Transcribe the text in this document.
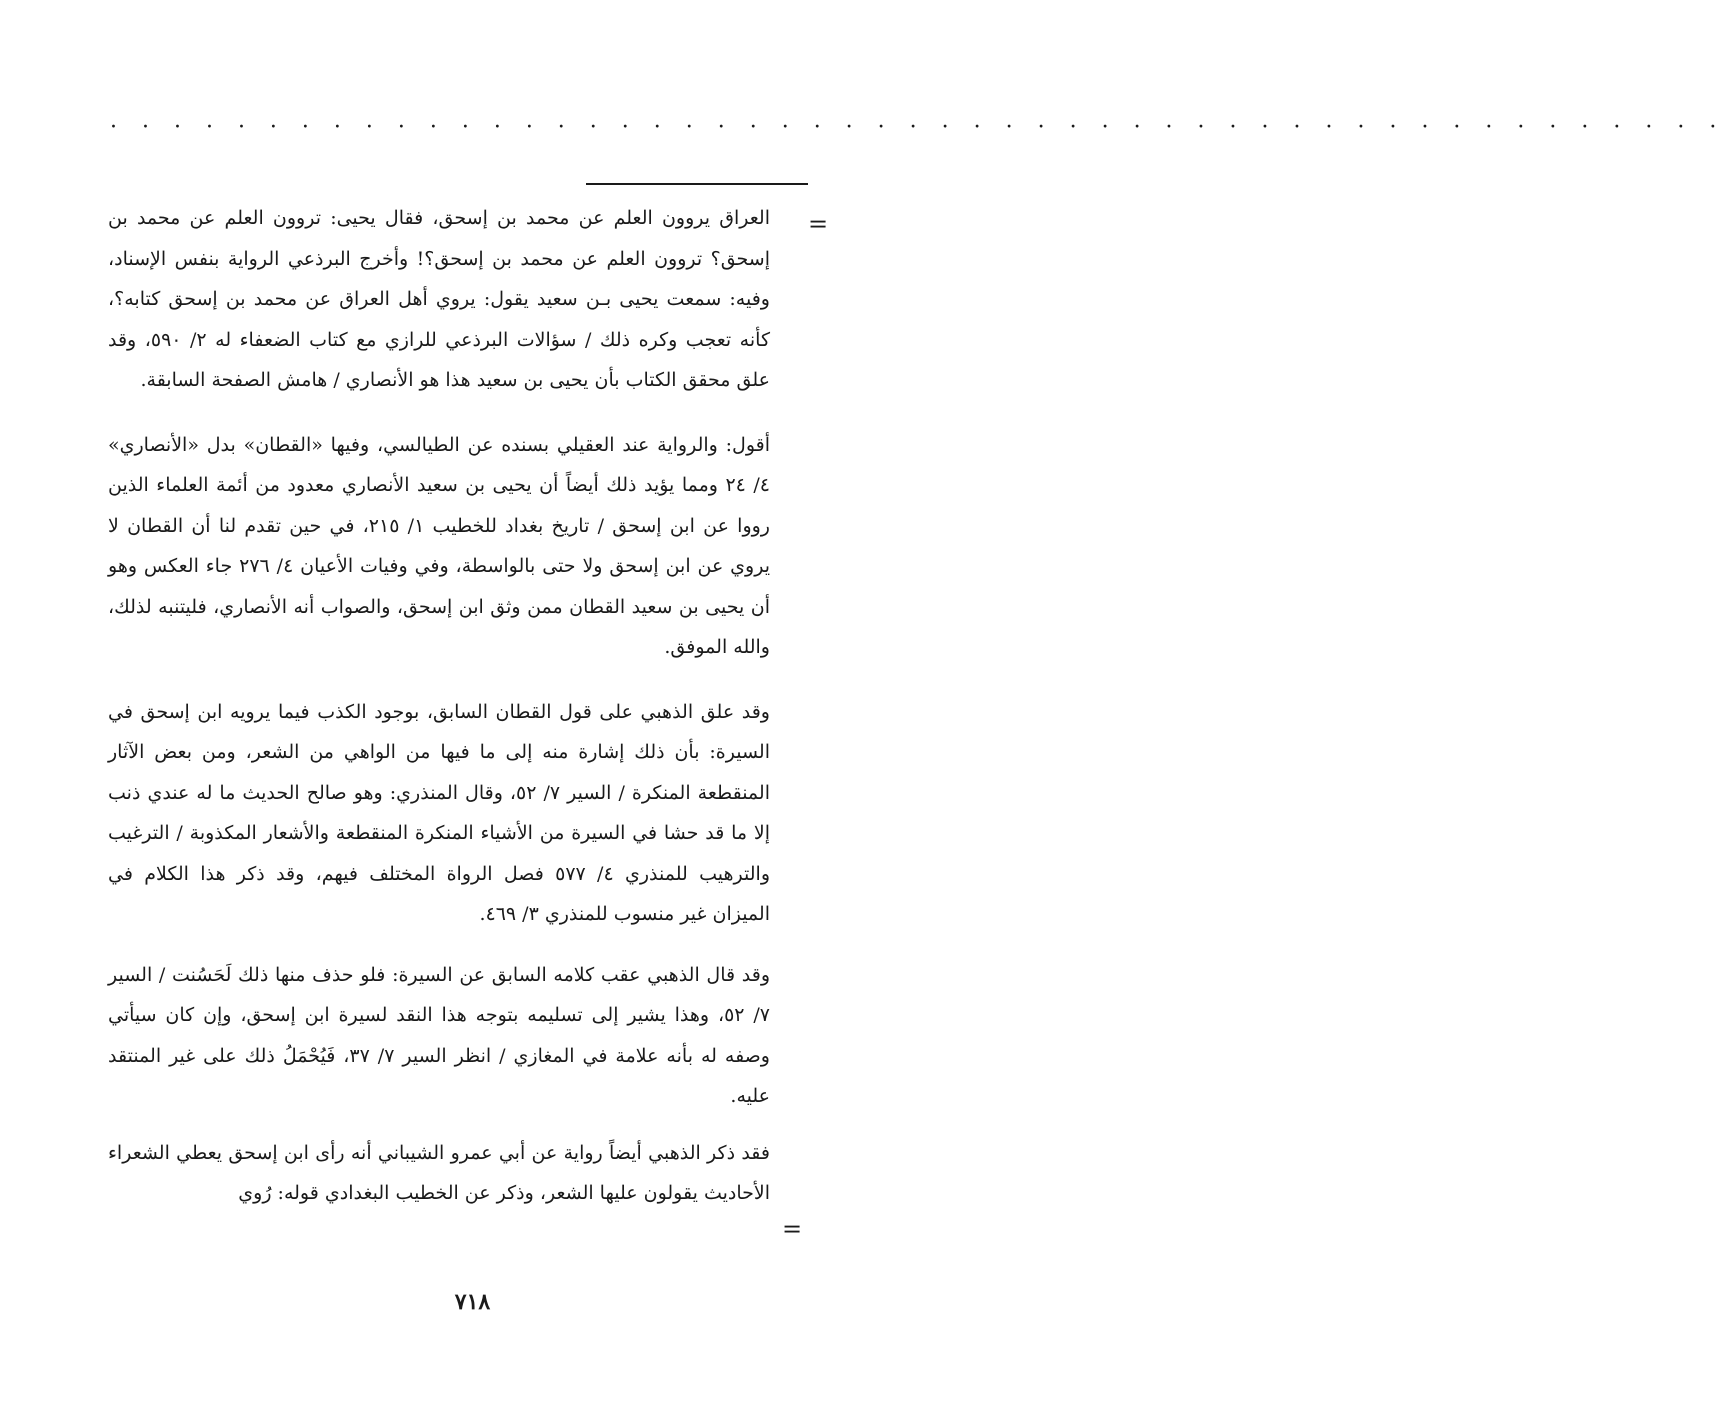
· · · · · · · · · · · · · · · · · · · · · · · · · · · · · · · · · · · · · · · · · · · · · · · · · · ·
=

العراق يروون العلم عن محمد بن إسحق، فقال يحيى: تروون العلم عن محمد بن إسحق؟ تروون العلم عن محمد بن إسحق؟! وأخرج البرذعي الرواية بنفس الإسناد، وفيه: سمعت يحيى بـن سعيد يقول: يروي أهل العراق عن محمد بن إسحق كتابه؟، كأنه تعجب وكره ذلك / سؤالات البرذعي للرازي مع كتاب الضعفاء له ٢/ ٥٩٠، وقد علق محقق الكتاب بأن يحيى بن سعيد هذا هو الأنصاري / هامش الصفحة السابقة.

أقول: والرواية عند العقيلي بسنده عن الطيالسي، وفيها «القطان» بدل «الأنصاري» ٤/ ٢٤ ومما يؤيد ذلك أيضاً أن يحيى بن سعيد الأنصاري معدود من أئمة العلماء الذين رووا عن ابن إسحق / تاريخ بغداد للخطيب ١/ ٢١٥، في حين تقدم لنا أن القطان لا يروي عن ابن إسحق ولا حتى بالواسطة، وفي وفيات الأعيان ٤/ ٢٧٦ جاء العكس وهو أن يحيى بن سعيد القطان ممن وثق ابن إسحق، والصواب أنه الأنصاري، فليتنبه لذلك، والله الموفق.

وقد علق الذهبي على قول القطان السابق، بوجود الكذب فيما يرويه ابن إسحق في السيرة: بأن ذلك إشارة منه إلى ما فيها من الواهي من الشعر، ومن بعض الآثار المنقطعة المنكرة / السير ٧/ ٥٢، وقال المنذري: وهو صالح الحديث ما له عندي ذنب إلا ما قد حشا في السيرة من الأشياء المنكرة المنقطعة والأشعار المكذوبة / الترغيب والترهيب للمنذري ٤/ ٥٧٧ فصل الرواة المختلف فيهم، وقد ذكر هذا الكلام في الميزان غير منسوب للمنذري ٣/ ٤٦٩.

وقد قال الذهبي عقب كلامه السابق عن السيرة: فلو حذف منها ذلك لَحَسُنت / السير ٧/ ٥٢، وهذا يشير إلى تسليمه بتوجه هذا النقد لسيرة ابن إسحق، وإن كان سيأتي وصفه له بأنه علامة في المغازي / انظر السير ٧/ ٣٧، فَيُحْمَلُ ذلك على غير المنتقد عليه.

فقد ذكر الذهبي أيضاً رواية عن أبي عمرو الشيباني أنه رأى ابن إسحق يعطي الشعراء الأحاديث يقولون عليها الشعر، وذكر عن الخطيب البغدادي قوله: رُوي

=
٧١٨
